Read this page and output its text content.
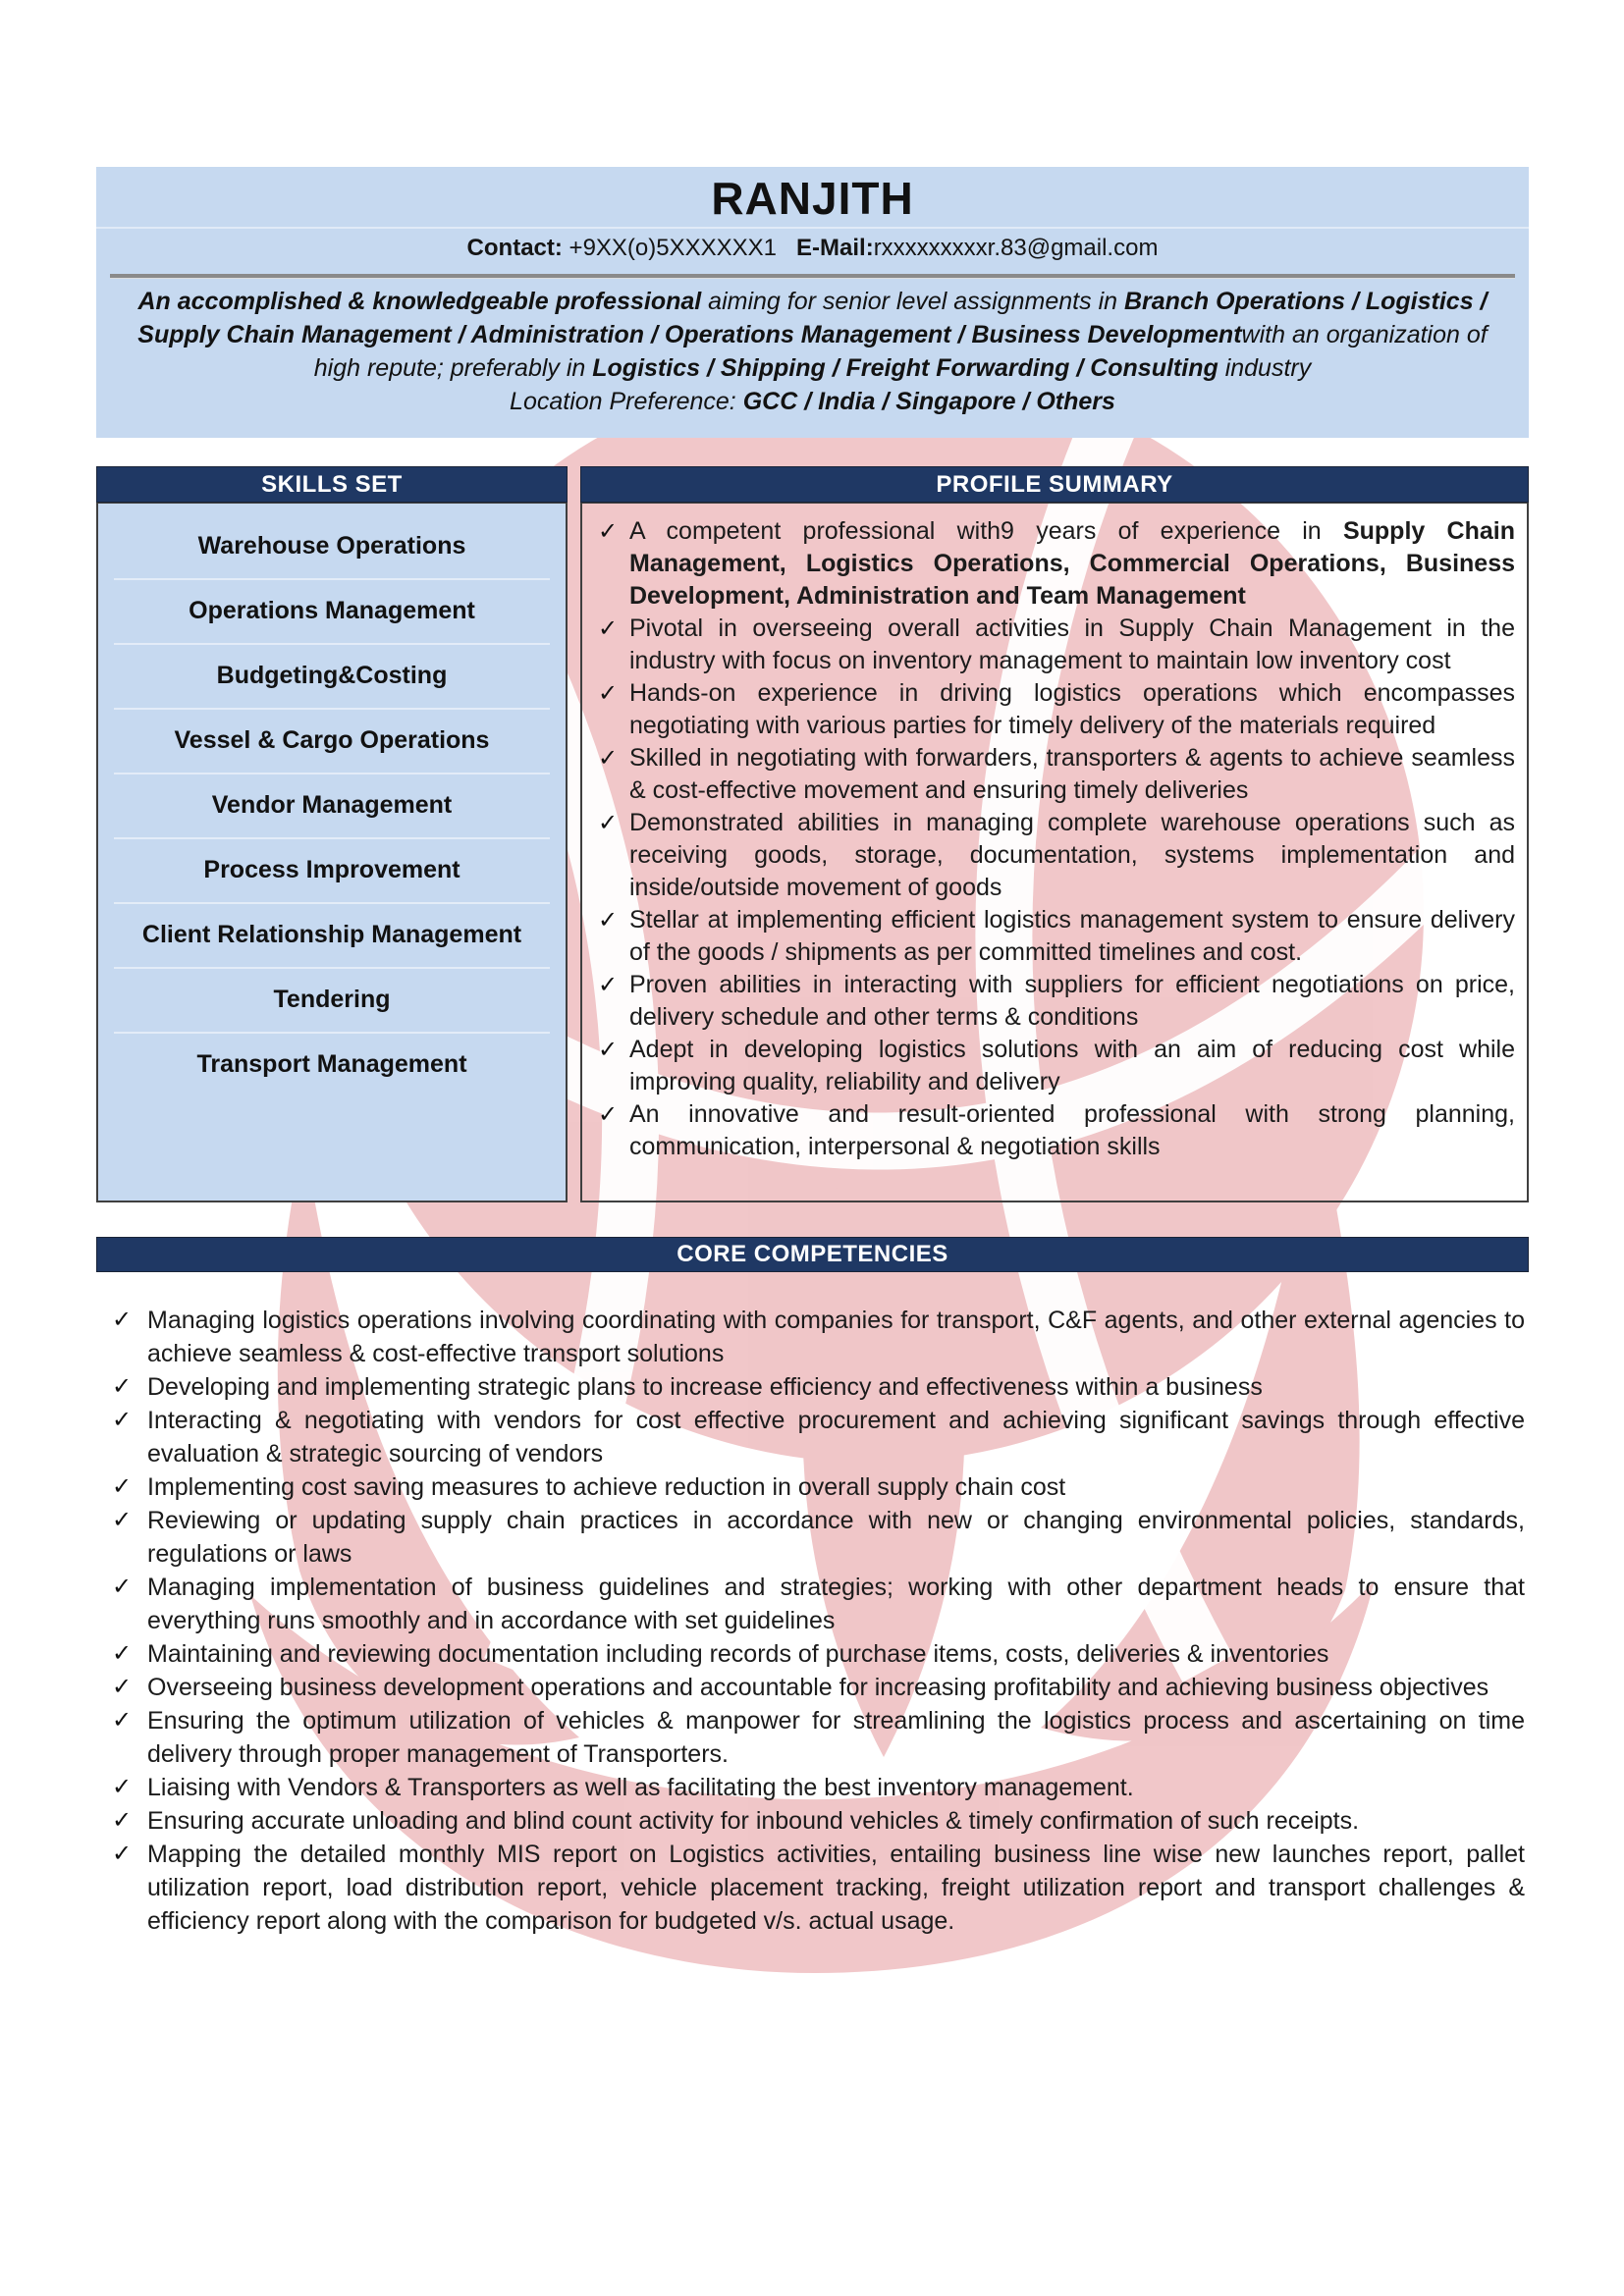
RANJITH
Contact: +9XX(o)5XXXXXX1 E-Mail:rxxxxxxxxxr.83@gmail.com
An accomplished & knowledgeable professional aiming for senior level assignments in Branch Operations / Logistics /
Supply Chain Management / Administration / Operations Management / Business Developmentwith an organization of
high repute; preferably in Logistics / Shipping / Freight Forwarding / Consulting industry
Location Preference: GCC / India / Singapore / Others
SKILLS SET
Warehouse Operations
Operations Management
Budgeting&Costing
Vessel & Cargo Operations
Vendor Management
Process Improvement
Client Relationship Management
Tendering
Transport Management
PROFILE SUMMARY
✓ A competent professional with9 years of experience in Supply Chain Management, Logistics Operations, Commercial Operations, Business Development, Administration and Team Management
✓ Pivotal in overseeing overall activities in Supply Chain Management in the industry with focus on inventory management to maintain low inventory cost
✓ Hands-on experience in driving logistics operations which encompasses negotiating with various parties for timely delivery of the materials required
✓ Skilled in negotiating with forwarders, transporters & agents to achieve seamless & cost-effective movement and ensuring timely deliveries
✓ Demonstrated abilities in managing complete warehouse operations such as receiving goods, storage, documentation, systems implementation and inside/outside movement of goods
✓ Stellar at implementing efficient logistics management system to ensure delivery of the goods / shipments as per committed timelines and cost.
✓ Proven abilities in interacting with suppliers for efficient negotiations on price, delivery schedule and other terms & conditions
✓ Adept in developing logistics solutions with an aim of reducing cost while improving quality, reliability and delivery
✓ An innovative and result-oriented professional with strong planning, communication, interpersonal & negotiation skills
CORE COMPETENCIES
✓ Managing logistics operations involving coordinating with companies for transport, C&F agents, and other external agencies to achieve seamless & cost-effective transport solutions
✓ Developing and implementing strategic plans to increase efficiency and effectiveness within a business
✓ Interacting & negotiating with vendors for cost effective procurement and achieving significant savings through effective evaluation & strategic sourcing of vendors
✓ Implementing cost saving measures to achieve reduction in overall supply chain cost
✓ Reviewing or updating supply chain practices in accordance with new or changing environmental policies, standards, regulations or laws
✓ Managing implementation of business guidelines and strategies; working with other department heads to ensure that everything runs smoothly and in accordance with set guidelines
✓ Maintaining and reviewing documentation including records of purchase items, costs, deliveries & inventories
✓ Overseeing business development operations and accountable for increasing profitability and achieving business objectives
✓ Ensuring the optimum utilization of vehicles & manpower for streamlining the logistics process and ascertaining on time delivery through proper management of Transporters.
✓ Liaising with Vendors & Transporters as well as facilitating the best inventory management.
✓ Ensuring accurate unloading and blind count activity for inbound vehicles & timely confirmation of such receipts.
✓ Mapping the detailed monthly MIS report on Logistics activities, entailing business line wise new launches report, pallet utilization report, load distribution report, vehicle placement tracking, freight utilization report and transport challenges & efficiency report along with the comparison for budgeted v/s. actual usage.
